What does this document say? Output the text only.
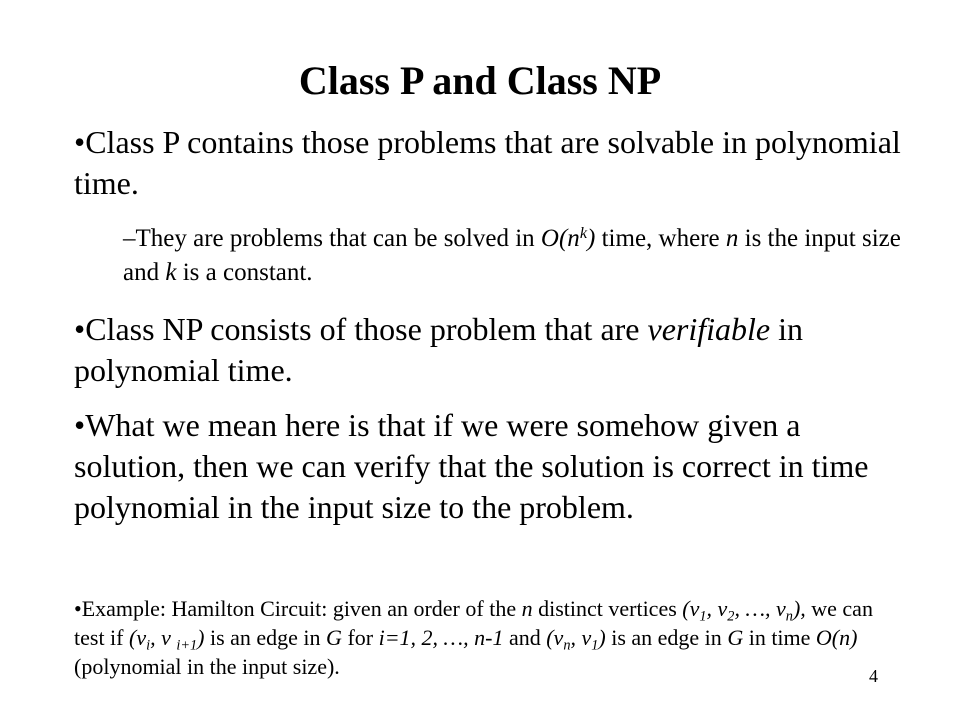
Class P and Class NP
•Class P contains those problems that are solvable in polynomial time.
–They are problems that can be solved in $O(n^k)$ time, where n is the input size and k is a constant.
•Class NP consists of those problem that are verifiable in polynomial time.
•What we mean here is that if we were somehow given a solution, then we can verify that the solution is correct in time polynomial in the input size to the problem.
•Example: Hamilton Circuit: given an order of the n distinct vertices ($v_1$, $v_2$, …, $v_n$), we can test if ($v_i$, v $_{i+1}$) is an edge in G for i=1, 2, …, n-1 and ($v_n$, $v_1$) is an edge in G in time O(n) (polynomial in the input size).	4
